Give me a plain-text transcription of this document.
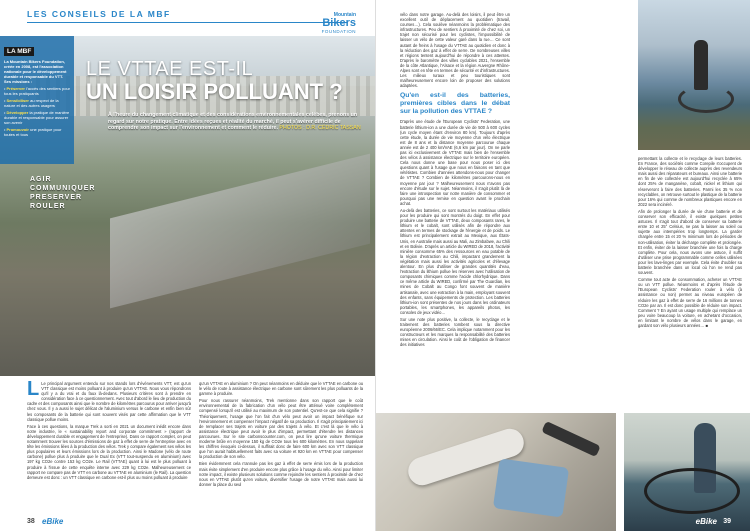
LES CONSEILS DE LA MBF	Mountain
Bikers
FOUNDATION
LA MBF
La Mountain Bikers Foundation, créée en 2008, est l'association nationale pour le développement durable et responsable du VTT. Ses missions :
• Préserver l'accès des sentiers pour tous les pratiquants
• Sensibiliser au respect de la nature et des autres usagers
• Développer la pratique de manière durable et responsable pour assurer son avenir
• Promouvoir une pratique pour toutes et tous
LE VTTAE EST-IL
UN LOISIR POLLUANT ?
À l'heure du changement climatique et des considérations environnementales celèbes, prenons un regard sur notre pratique. Entre idées reçues et réalité du marché, il peut s'avérer difficile de comprendre son impact sur l'environnement et comment le réduire. PHOTOS : D.R. CÉDRIC TASSAN
AGIR
COMMUNIQUER
PRESERVER
ROULER

L Le principal argument entendu sur nos stands lors d'événements VTT, est qu'un VTT classique est moins polluant à produire qu'un VTTAE. Nous vous répondrons qu'il y a du vrai et du faux là-dedans. Plusieurs critères sont à prendre en considération face à ce questionnement. Avec tout d'abord le lieu de production du cadre et des composants ainsi que le nombre de kilomètres parcourus pour arriver jusqu'à chez vous. Il y a aussi le sujet délicat de l'aluminium versus le carbone et enfin bien sûr les composants de la batterie qui sont souvent visés par cette affirmation que le VTT classique pollue moins.

Face à ces questions, la marque Trek a sorti en 2021 un document inédit encore dans notre industrie, le « sustainability report and corporate commitment » (rapport de développement durable et engagement de l'entreprise). Dans ce rapport complet, on peut notamment trouver les sources d'émissions de gaz à effet de serre de l'entreprise avec en tête les émissions liées à la production des vélos. Trek y compare également ses vélos les plus populaires et leurs émissions lors de la production. Ainsi le Madone (vélo de route carbone) pollue plus à produire que le Dual Ex (VTT tout-suspendu en aluminium) avec 197 kg CO2e contre 153 kg CO2e. Le Rail (VTTAE) quant à lui est le plus polluant à produire à l'issue de cette enquête interne avec 229 kg CO2e. Malheureusement ce rapport ne compare pas de VTT en carbone au VTTAE en aluminium (le Rail). La question demeure est donc : un VTT classique en carbone est-il plus ou moins polluant à produire

qu'un VTTAE en aluminium ? On peut néanmoins en déduire que le VTTAE en carbone ou le vélo de route à assistance électrique en carbone sont sûrement les plus polluants de la gamme à produire.

Pour nous rassurer néanmoins, Trek mentionne dans son rapport que le coût environnemental de la fabrication d'un vélo peut être atténué voire complètement compensé lorsqu'il est utilisé au maximum de son potentiel. Qu'est-ce que cela signifie ? Théoriquement, l'usage que l'on fait d'un vélo peut avoir un impact bénéfique sur l'environnement et compenser l'impact négatif de sa production. Il s'agit principalement ici de remplacer ses trajets en voiture par des trajets à vélo. Et c'est là que le vélo à assistance électrique peut avoir le plus d'impact, permettant d'étendre les distances parcourues. Sur le site carbonscounter.com, on peut lire qu'une voiture thermique moderne brûle en moyenne 150 kg de CO2e tous les 600 kilomètres. En nous rappelant les chiffres évoqués ci-dessus, il suffirait donc de faire 600 km avec son VTT classique que l'on aurait habituellement faits avec sa voiture et 920 km en VTTAE pour compenser la production de son vélo.

Bien évidemment cela n'annule pas les gaz à effet de serre émis lors de la production mais évite simplement d'en produire encore plus grâce à l'usage du vélo. Ainsi pour limiter notre impact, il existe plusieurs solutions comme rejoindre les sentiers à proximité de chez nous en VTTAE plutôt qu'en voiture, diversifier l'usage de notre VTTAE mais aussi lui donner la place du seul

38 eBike

vélo dans notre garage. Au-delà des loisirs, il peut être un excellent outil de déplacement au quotidien (travail, courses…). Cela soulève néanmoins la problématique des infrastructures. Peu de sentiers à proximité de chez soi, un trajet non sécurisé pour les cyclistes, l'impossibilité de laisser un vélo de cette valeur garé dans la rue… Ce sont autant de freins à l'usage du VTTAE au quotidien et donc à la réduction des gaz à effet de serre. De nombreuses villes et régions tentent aujourd'hui de répondre à ces attentes. D'après le baromètre des villes cyclables 2021, l'ensemble de la côte Atlantique, l'Alsace et la région Auvergne Rhône-Alpes sont en tête en termes de sécurité et d'infrastructures. Les milieux ruraux et peu touristiques sont malheureusement encore loin de proposer des solutions adaptées.

Qu'en est-il des batteries, premières cibles dans le débat sur la pollution des VTTAE ?

D'après une étude de l'European Cyclists' Federation, une batterie lithium-ion a une durée de vie de 500 à 600 cycles (un cycle moyen étant d'environ 80 km). Toujours d'après cette étude, la durée de vie moyenne d'un vélo électrique est de 8 ans et la distance moyenne parcourue chaque année est de 2 400 km/VAE (6,6 km par jour). On ne parle pas ici exclusivement de VTTAE mais bien de l'ensemble des vélos à assistance électrique sur le territoire européen. Cela nous donne une base pour nous poser ici des questions quant à l'usage que nous en faisons en tant que vététistes. Combien d'années attendons-nous pour changer de VTTAE ? Combien de kilomètres parcourons-nous en moyenne par jour ? Malheureusement nous n'avons pas encore d'étude sur le sujet. Néanmoins, il s'agit plutôt là de faire une introspection sur notre manière de consommer et pourquoi pas une remise en question avant le prochain achat.

Au-delà des batteries, ce sont surtout les matériaux utilisés pour les produire qui sont montrés du doigt. En effet pour produire une batterie de VTTAE, deux composants rares, le lithium et le cobalt, sont utilisés afin de répondre aux attentes en termes de stockage de l'énergie et de poids. Le lithium est principalement extrait au Mexique, aux États-Unis, en Australie mais aussi au Mali, au Zimbabwe, au Chili et en Bolivie. D'après un article du WIRED de 2018, l'activité minière consomme 65% des ressources en eau potable de la région d'extraction au Chili, impactant grandement la végétation mais aussi les activités agricoles et d'élevage alentour. En plus d'utiliser de grandes quantités d'eau, l'extraction du lithium pollue les réserves avec l'utilisation de composants chimiques comme l'acide chlorhydrique. Dans ce même article du WIRED, confirmé par The Guardian, les mines de Cobalt au Congo font souvent de manière artisanale, avec une extraction à la main, employant souvent des enfants, sans équipements de protection. Les batteries lithium-ion sont présentes de nos jours dans les ordinateurs portables, les smartphones, les appareils photos, les consoles de jeux vidéo…

Sur une note plus positive, la collecte, le recyclage et le traitement des batteries tombent sous la directive européenne 2006/66/EC. Cela implique notamment pour les constructeurs et les marques la responsabilité des batteries mises en circulation. Ainsi le coût de l'obligation de financer des initiatives

permettant la collecte et le recyclage de leurs batteries. En France, des sociétés comme Corepile s'occupent de développer le réseau de collecte auprès des revendeurs mais aussi des réparateurs et bureaux. Ainsi une batterie en fin de vie collectée est aujourd'hui recyclée à 65% dont 25% de manganèse, cobalt, nickel et lithium qui réserveront à faire des batteries. Parmi les 35 % non recyclables, on retrouve surtout le plastique de la batterie pour 16% qui comme de nombreux plastiques encore en 2022 sera incinéré.

Afin de prolonger la durée de vie d'une batterie et de conserver son efficacité, il existe quelques petites astuces. Il s'agit tout d'abord de conserver sa batterie entre 10 et 25° Celsius, ne pas la laisser au soleil ou sujette aux intempéries trop longtemps. La garder chargée entre 15 et 20 % minimum lors de périodes de non-utilisation, éviter la décharge complète et prolongée. Et enfin, éviter de la laisser branchée une fois la charge complète. Pour cela, nous avons une astuce, il suffit d'utiliser une prise programmable comme celles utilisées pour les lave-linges par exemple. Cela évite d'oublier sa batterie branchée dans un local où l'on ne rend pas souvent.

Comme tout acte de consommation, acheter un VTTAE ou un VTT pollue. Néanmoins et d'après l'étude de l'European Cyclists' Federation rouler à vélo (à assistance ou non) permet au niveau européen de réduire les gaz à effet de serre de 16 millions de tonnes CO2e par an. Il est donc possible de réduire son impact. Comment ? En ayant un usage multiple qui remplace un peu voire beaucoup la voiture, en achetant d'occasion, en limitant le nombre de vélos dans le garage, en gardant son vélo plusieurs années… ■

eBike 39
